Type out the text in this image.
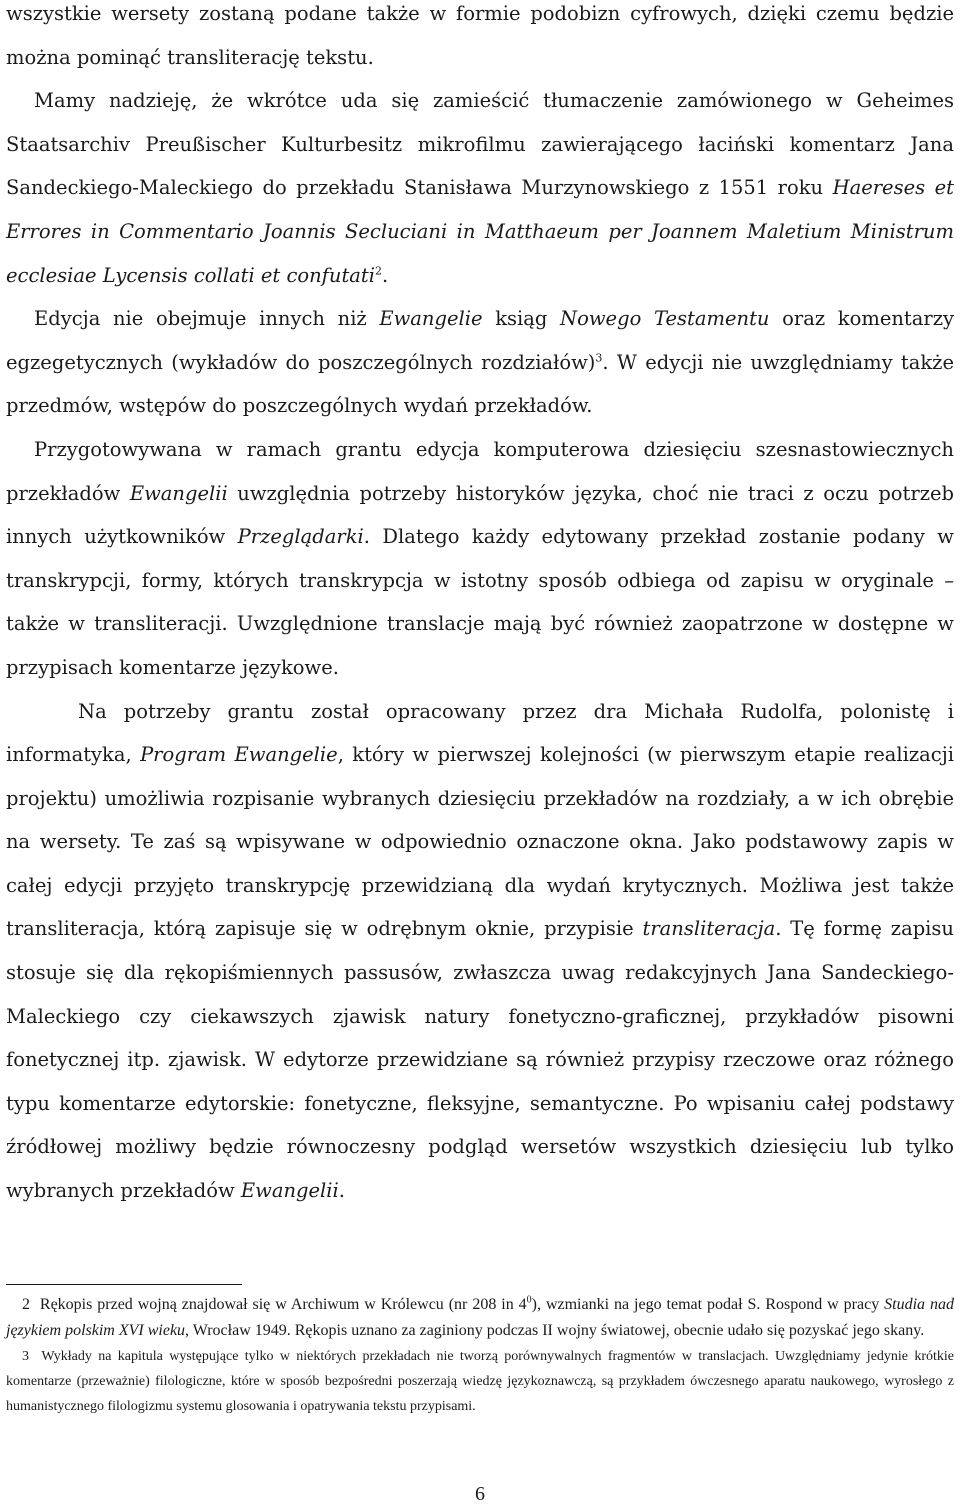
wszystkie wersety zostaną podane także w formie podobizn cyfrowych, dzięki czemu będzie można pominąć transliterację tekstu.

Mamy nadzieję, że wkrótce uda się zamieścić tłumaczenie zamówionego w Geheimes Staatsarchiv Preußischer Kulturbesitz mikrofilmu zawierającego łaciński komentarz Jana Sandeckiego-Maleckiego do przekładu Stanisława Murzynowskiego z 1551 roku Haereses et Errores in Commentario Joannis Secluciani in Matthaeum per Joannem Maletium Ministrum ecclesiae Lycensis collati et confutati$^2$.

Edycja nie obejmuje innych niż Ewangelie ksiąg Nowego Testamentu oraz komentarzy egzegetycznych (wykładów do poszczególnych rozdziałów)$^3$. W edycji nie uwzględniamy także przedmów, wstępów do poszczególnych wydań przekładów.

Przygotowywana w ramach grantu edycja komputerowa dziesięciu szesnastowiecznych przekładów Ewangelii uwzględnia potrzeby historyków języka, choć nie traci z oczu potrzeb innych użytkowników Przeglądarki. Dlatego każdy edytowany przekład zostanie podany w transkrypcji, formy, których transkrypcja w istotny sposób odbiega od zapisu w oryginale – także w transliteracji. Uwzględnione translacje mają być również zaopatrzone w dostępne w przypisach komentarze językowe.

Na potrzeby grantu został opracowany przez dra Michała Rudolfa, polonistę i informatyka, Program Ewangelie, który w pierwszej kolejności (w pierwszym etapie realizacji projektu) umożliwia rozpisanie wybranych dziesięciu przekładów na rozdziały, a w ich obrębie na wersety. Te zaś są wpisywane w odpowiednio oznaczone okna. Jako podstawowy zapis w całej edycji przyjęto transkrypcję przewidzianą dla wydań krytycznych. Możliwa jest także transliteracja, którą zapisuje się w odrębnym oknie, przypisie transliteracja. Tę formę zapisu stosuje się dla rękopiśmiennych passusów, zwłaszcza uwag redakcyjnych Jana Sandeckiego-Maleckiego czy ciekawszych zjawisk natury fonetyczno-graficznej, przykładów pisowni fonetycznej itp. zjawisk. W edytorze przewidziane są również przypisy rzeczowe oraz różnego typu komentarze edytorskie: fonetyczne, fleksyjne, semantyczne. Po wpisaniu całej podstawy źródłowej możliwy będzie równoczesny podgląd wersetów wszystkich dziesięciu lub tylko wybranych przekładów Ewangelii.

2 Rękopis przed wojną znajdował się w Archiwum w Królewcu (nr 208 in 4$^0$), wzmianki na jego temat podał S. Rospond w pracy Studia nad językiem polskim XVI wieku, Wrocław 1949. Rękopis uznano za zaginiony podczas II wojny światowej, obecnie udało się pozyskać jego skany.

3 Wykłady na kapitula występujące tylko w niektórych przekładach nie tworzą porównywalnych fragmentów w translacjach. Uwzględniamy jedynie krótkie komentarze (przeważnie) filologiczne, które w sposób bezpośredni poszerzają wiedzę językoznawczą, są przykładem ówczesnego aparatu naukowego, wyrosłego z humanistycznego filologizmu systemu glosowania i opatrywania tekstu przypisami.

6
